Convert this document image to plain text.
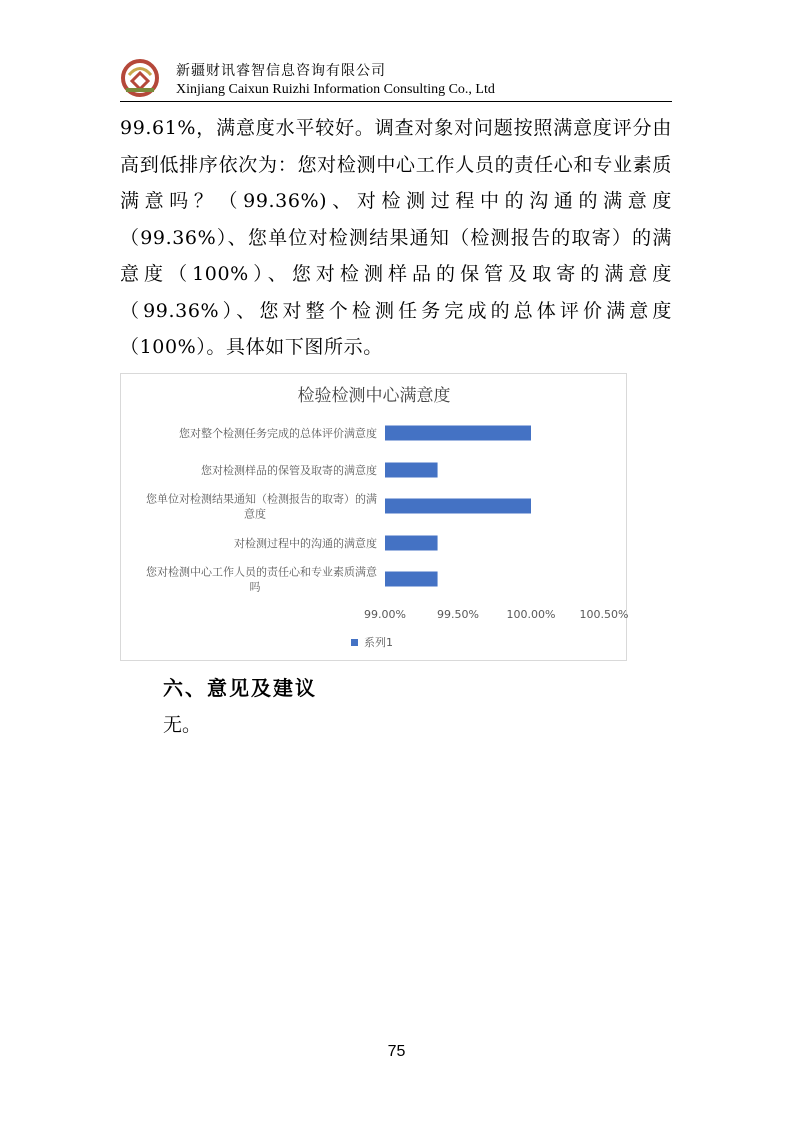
新疆财讯睿智信息咨询有限公司
Xinjiang Caixun Ruizhi Information Consulting Co., Ltd

99.61%，满意度水平较好。调查对象对问题按照满意度评分由高到低排序依次为：您对检测中心工作人员的责任心和专业素质满意吗？（99.36%)、对检测过程中的沟通的满意度（99.36%）、您单位对检测结果通知（检测报告的取寄）的满意度（100%）、您对检测样品的保管及取寄的满意度（99.36%）、您对整个检测任务完成的总体评价满意度（100%）。具体如下图所示。

检验检测中心满意度
您对整个检测任务完成的总体评价满意度
您对检测样品的保管及取寄的满意度
您单位对检测结果通知（检测报告的取寄）的满
意度
对检测过程中的沟通的满意度
您对检测中心工作人员的责任心和专业素质满意
吗
99.00%	99.50%	100.00% 100.50%
系列1
六、意见及建议
无。
75
